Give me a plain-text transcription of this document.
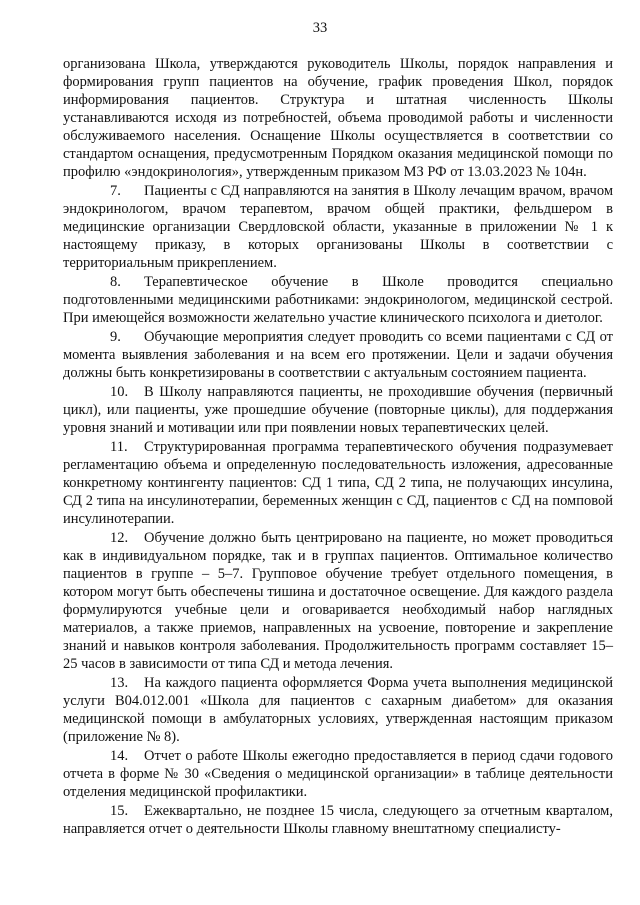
33

организована Школа, утверждаются руководитель Школы, порядок направления и формирования групп пациентов на обучение, график проведения Школ, порядок информирования пациентов. Структура и штатная численность Школы устанавливаются исходя из потребностей, объема проводимой работы и численности обслуживаемого населения. Оснащение Школы осуществляется в соответствии со стандартом оснащения, предусмотренным Порядком оказания медицинской помощи по профилю «эндокринология», утвержденным приказом МЗ РФ от 13.03.2023 № 104н.

7. Пациенты с СД направляются на занятия в Школу лечащим врачом, врачом эндокринологом, врачом терапевтом, врачом общей практики, фельдшером в медицинские организации Свердловской области, указанные в приложении № 1 к настоящему приказу, в которых организованы Школы в соответствии с территориальным прикреплением.

8. Терапевтическое обучение в Школе проводится специально подготовленными медицинскими работниками: эндокринологом, медицинской сестрой. При имеющейся возможности желательно участие клинического психолога и диетолог.

9. Обучающие мероприятия следует проводить со всеми пациентами с СД от момента выявления заболевания и на всем его протяжении. Цели и задачи обучения должны быть конкретизированы в соответствии с актуальным состоянием пациента.

10. В Школу направляются пациенты, не проходившие обучения (первичный цикл), или пациенты, уже прошедшие обучение (повторные циклы), для поддержания уровня знаний и мотивации или при появлении новых терапевтических целей.

11. Структурированная программа терапевтического обучения подразумевает регламентацию объема и определенную последовательность изложения, адресованные конкретному контингенту пациентов: СД 1 типа, СД 2 типа, не получающих инсулина, СД 2 типа на инсулинотерапии, беременных женщин с СД, пациентов с СД на помповой инсулинотерапии.

12. Обучение должно быть центрировано на пациенте, но может проводиться как в индивидуальном порядке, так и в группах пациентов. Оптимальное количество пациентов в группе – 5–7. Групповое обучение требует отдельного помещения, в котором могут быть обеспечены тишина и достаточное освещение. Для каждого раздела формулируются учебные цели и оговаривается необходимый набор наглядных материалов, а также приемов, направленных на усвоение, повторение и закрепление знаний и навыков контроля заболевания. Продолжительность программ составляет 15–25 часов в зависимости от типа СД и метода лечения.

13. На каждого пациента оформляется Форма учета выполнения медицинской услуги В04.012.001 «Школа для пациентов с сахарным диабетом» для оказания медицинской помощи в амбулаторных условиях, утвержденная настоящим приказом (приложение № 8).

14. Отчет о работе Школы ежегодно предоставляется в период сдачи годового отчета в форме № 30 «Сведения о медицинской организации» в таблице деятельности отделения медицинской профилактики.

15. Ежеквартально, не позднее 15 числа, следующего за отчетным кварталом, направляется отчет о деятельности Школы главному внештатному специалисту-
